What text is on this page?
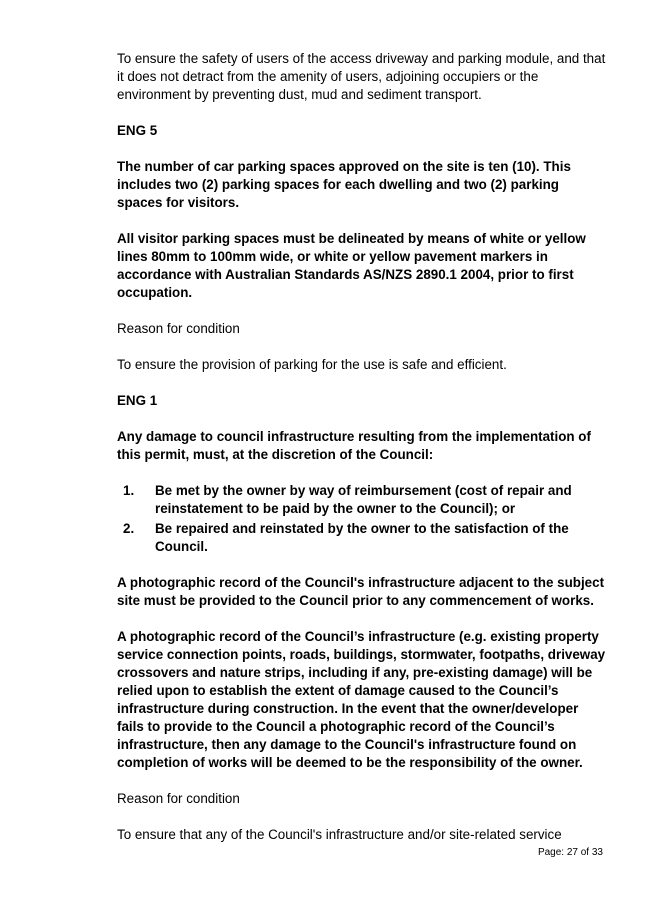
To ensure the safety of users of the access driveway and parking module, and that it does not detract from the amenity of users, adjoining occupiers or the environment by preventing dust, mud and sediment transport.

ENG 5

The number of car parking spaces approved on the site is ten (10). This includes two (2) parking spaces for each dwelling and two (2) parking spaces for visitors.

All visitor parking spaces must be delineated by means of white or yellow lines 80mm to 100mm wide, or white or yellow pavement markers in accordance with Australian Standards AS/NZS 2890.1 2004, prior to first occupation.

Reason for condition

To ensure the provision of parking for the use is safe and efficient.

ENG 1

Any damage to council infrastructure resulting from the implementation of this permit, must, at the discretion of the Council:

1.	Be met by the owner by way of reimbursement (cost of repair and reinstatement to be paid by the owner to the Council); or
2.	Be repaired and reinstated by the owner to the satisfaction of the Council.

A photographic record of the Council's infrastructure adjacent to the subject site must be provided to the Council prior to any commencement of works.

A photographic record of the Council’s infrastructure (e.g. existing property service connection points, roads, buildings, stormwater, footpaths, driveway crossovers and nature strips, including if any, pre-existing damage) will be relied upon to establish the extent of damage caused to the Council’s infrastructure during construction. In the event that the owner/developer fails to provide to the Council a photographic record of the Council’s infrastructure, then any damage to the Council's infrastructure found on completion of works will be deemed to be the responsibility of the owner.

Reason for condition

To ensure that any of the Council's infrastructure and/or site-related service

Page: 27 of 33
